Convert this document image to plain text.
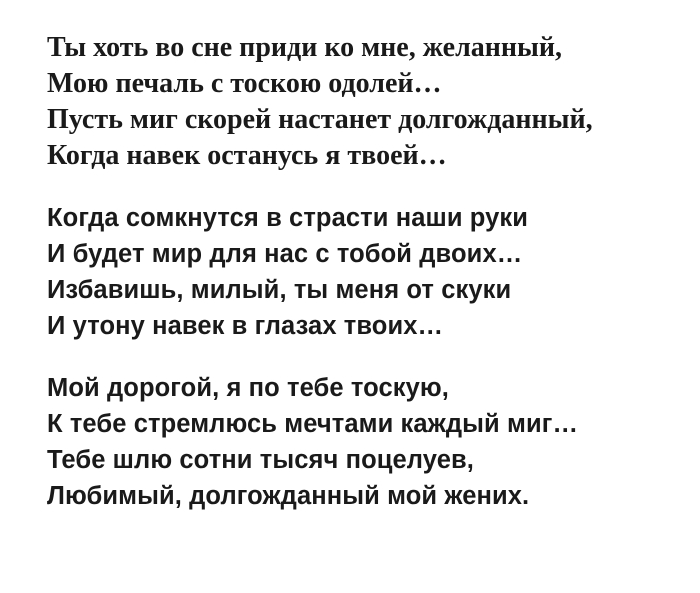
Ты хоть во сне приди ко мне, желанный,
Мою печаль с тоскою одолей…
Пусть миг скорей настанет долгожданный,
Когда навек останусь я твоей…
Когда сомкнутся в страсти наши руки
И будет мир для нас с тобой двоих…
Избавишь, милый, ты меня от скуки
И утону навек в глазах твоих…
Мой дорогой, я по тебе тоскую,
К тебе стремлюсь мечтами каждый миг…
Тебе шлю сотни тысяч поцелуев,
Любимый, долгожданный мой жених.
